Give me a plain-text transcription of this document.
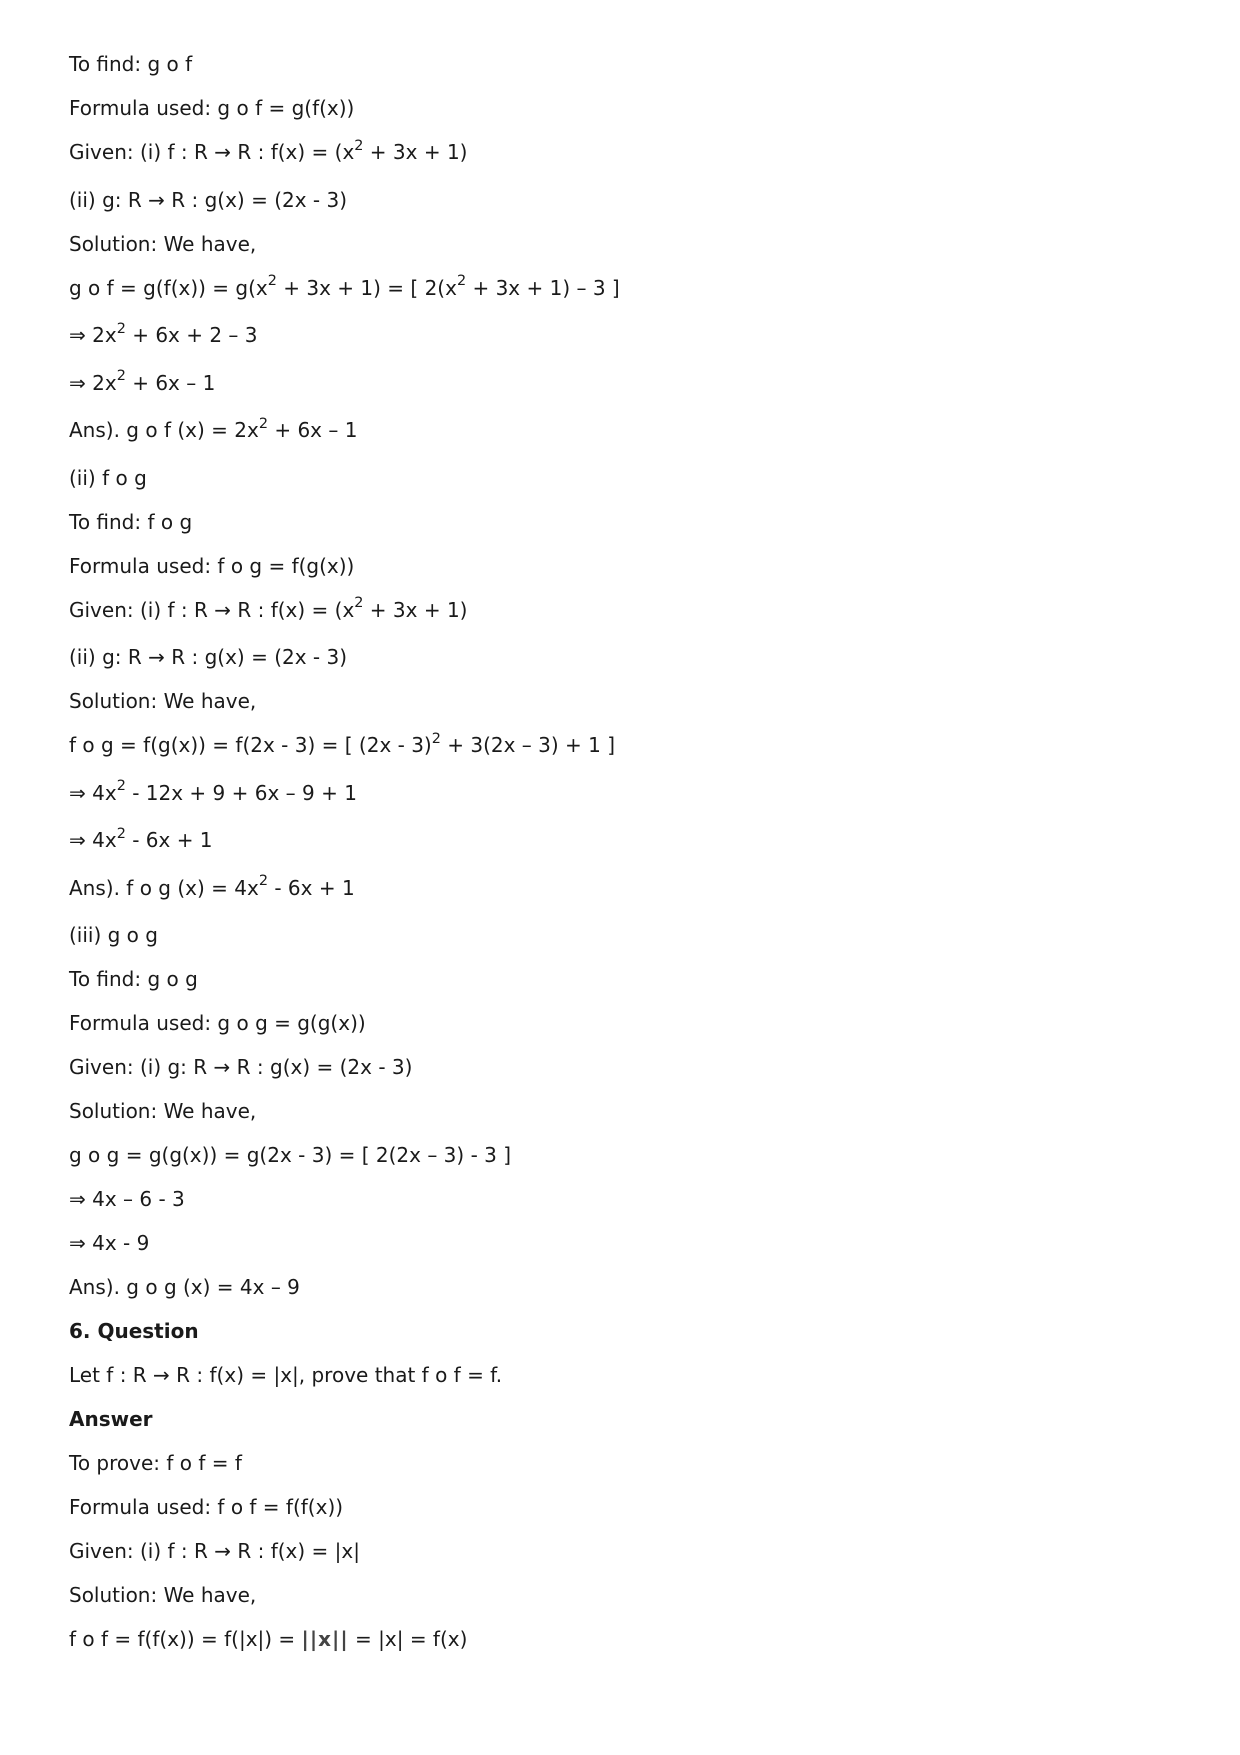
To find: g o f
Formula used: g o f = g(f(x))
Given: (i) f : R → R : $f(x) = (x^2 + 3x + 1)$
(ii) g: R → R : g(x) = (2x - 3)
Solution: We have,
g o $f = g(f(x)) = g(x^2 + 3x + 1)$ = [ $2(x^2 + 3x + 1) - 3$ ]
⇒ $2x^2 + 6x + 2 - 3$
⇒ $2x^2 + 6x - 1$
Ans). g o f $(x) = 2x^2 + 6x - 1$
(ii) f o g
To find: f o g
Formula used: f o g = f(g(x))
Given: (i) f : R → R : $f(x) = (x^2 + 3x + 1)$
(ii) g: R → R : g(x) = (2x - 3)
Solution: We have,
f o g = f(g(x)) = f(2x - 3) = [ (2x - 3)$^2$ + 3(2x – 3) + 1 ]
⇒ $4x^2 - 12x + 9 + 6x - 9 + 1$
⇒ $4x^2 - 6x + 1$
Ans). f o g $(x) = 4x^2 - 6x + 1$
(iii) g o g
To find: g o g
Formula used: g o g = g(g(x))
Given: (i) g: R → R : g(x) = (2x - 3)
Solution: We have,
g o g = g(g(x)) = g(2x - 3) = [ 2(2x – 3) - 3 ]
⇒ 4x – 6 - 3
⇒ 4x - 9
Ans). g o g (x) = 4x – 9
6. Question
Let f : R → R : f(x) = |x|, prove that f o f = f.
Answer
To prove: f o f = f
Formula used: f o f = f(f(x))
Given: (i) f : R → R : f(x) = |x|
Solution: We have,
f o f = f(f(x)) = f(|x|) = ||x|| = |x| = f(x)
